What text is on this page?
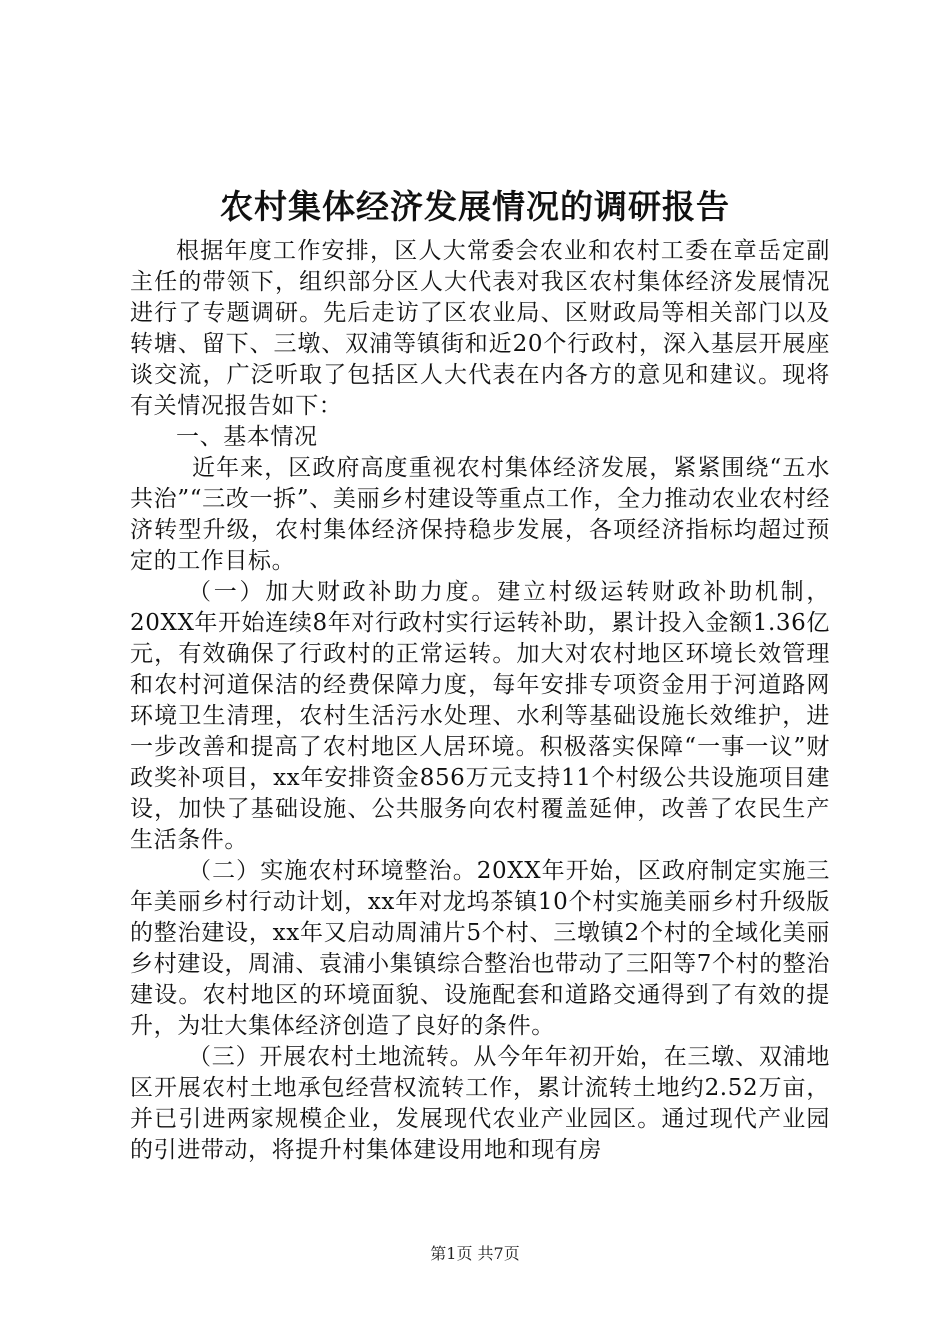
农村集体经济发展情况的调研报告

根据年度工作安排，区人大常委会农业和农村工委在章岳定副主任的带领下，组织部分区人大代表对我区农村集体经济发展情况进行了专题调研。先后走访了区农业局、区财政局等相关部门以及转塘、留下、三墩、双浦等镇街和近20个行政村，深入基层开展座谈交流，广泛听取了包括区人大代表在内各方的意见和建议。现将有关情况报告如下：

一、基本情况

近年来，区政府高度重视农村集体经济发展，紧紧围绕“五水共治”“三改一拆”、美丽乡村建设等重点工作，全力推动农业农村经济转型升级，农村集体经济保持稳步发展，各项经济指标均超过预定的工作目标。

（一）加大财政补助力度。建立村级运转财政补助机制，20XX年开始连续8年对行政村实行运转补助，累计投入金额1.36亿元，有效确保了行政村的正常运转。加大对农村地区环境长效管理和农村河道保洁的经费保障力度，每年安排专项资金用于河道路网环境卫生清理，农村生活污水处理、水利等基础设施长效维护，进一步改善和提高了农村地区人居环境。积极落实保障“一事一议”财政奖补项目，xx年安排资金856万元支持11个村级公共设施项目建设，加快了基础设施、公共服务向农村覆盖延伸，改善了农民生产生活条件。

（二）实施农村环境整治。20XX年开始，区政府制定实施三年美丽乡村行动计划，xx年对龙坞茶镇10个村实施美丽乡村升级版的整治建设，xx年又启动周浦片5个村、三墩镇2个村的全域化美丽乡村建设，周浦、袁浦小集镇综合整治也带动了三阳等7个村的整治建设。农村地区的环境面貌、设施配套和道路交通得到了有效的提升，为壮大集体经济创造了良好的条件。

（三）开展农村土地流转。从今年年初开始，在三墩、双浦地区开展农村土地承包经营权流转工作，累计流转土地约2.52万亩，并已引进两家规模企业，发展现代农业产业园区。通过现代产业园的引进带动，将提升村集体建设用地和现有房

第1页 共7页
